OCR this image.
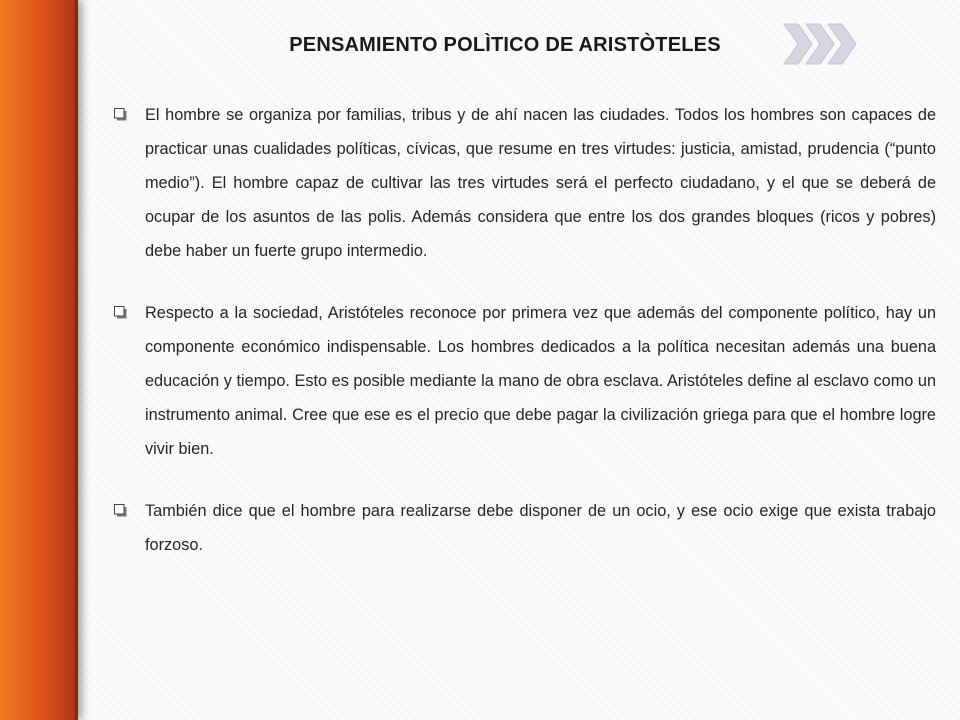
PENSAMIENTO POLÌTICO DE ARISTÒTELES

El hombre se organiza por familias, tribus y de ahí nacen las ciudades. Todos los hombres son capaces de practicar unas cualidades políticas, cívicas, que resume en tres virtudes: justicia, amistad, prudencia (“punto medio”). El hombre capaz de cultivar las tres virtudes será el perfecto ciudadano, y el que se deberá de ocupar de los asuntos de las polis. Además considera que entre los dos grandes bloques (ricos y pobres) debe haber un fuerte grupo intermedio.

Respecto a la sociedad, Aristóteles reconoce por primera vez que además del componente político, hay un componente económico indispensable. Los hombres dedicados a la política necesitan además una buena educación y tiempo. Esto es posible mediante la mano de obra esclava. Aristóteles define al esclavo como un instrumento animal. Cree que ese es el precio que debe pagar la civilización griega para que el hombre logre vivir bien.

También dice que el hombre para realizarse debe disponer de un ocio, y ese ocio exige que exista trabajo forzoso.
